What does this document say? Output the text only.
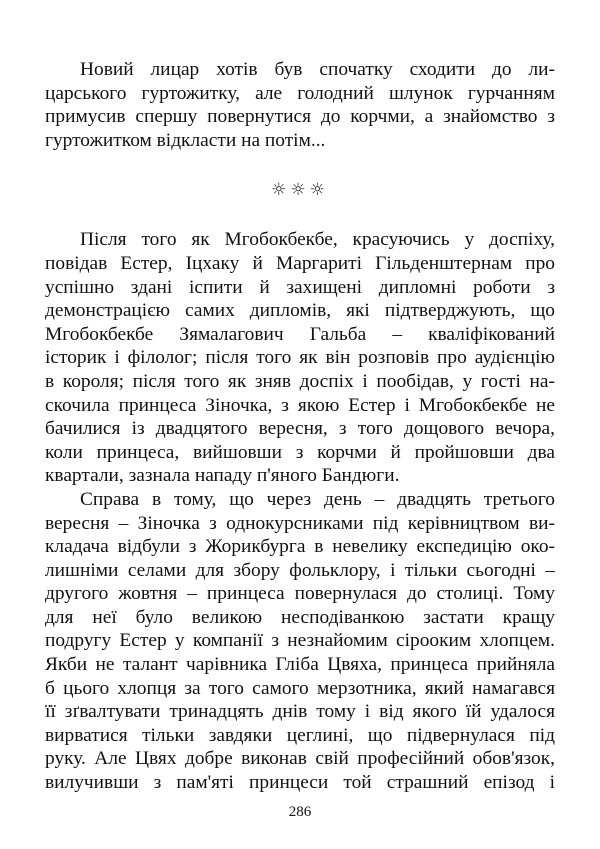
Новий лицар хотів був спочатку сходити до ли-
царського гуртожитку, але голодний шлунок гурчанням
примусив спершу повернутися до корчми, а знайомство з
гуртожитком відкласти на потім...

☼☼☼

Після того як Мгобокбекбе, красуючись у доспіху,
повідав Естер, Іцхаку й Маргариті Гільденштернам про
успішно здані іспити й захищені дипломні роботи з
демонстрацією самих дипломів, які підтверджують, що
Мгобокбекбе Зямалагович Гальба – кваліфікований
історик і філолог; після того як він розповів про аудієнцію
в короля; після того як зняв доспіх і пообідав, у гості на-
скочила принцеса Зіночка, з якою Естер і Мгобокбекбе не
бачилися із двадцятого вересня, з того дощового вечора,
коли принцеса, вийшовши з корчми й пройшовши два
квартали, зазнала нападу п'яного Бандюги.

Справа в тому, що через день – двадцять третього
вересня – Зіночка з однокурсниками під керівництвом ви-
кладача відбули з Жорикбурга в невелику експедицію око-
лишніми селами для збору фольклору, і тільки сьогодні –
другого жовтня – принцеса повернулася до столиці. Тому
для неї було великою несподіванкою застати кращу
подругу Естер у компанії з незнайомим сірооким хлопцем.
Якби не талант чарівника Гліба Цвяха, принцеса прийняла
б цього хлопця за того самого мерзотника, який намагався
її зґвалтувати тринадцять днів тому і від якого їй удалося
вирватися тільки завдяки цеглині, що підвернулася під
руку. Але Цвях добре виконав свій професійний обов'язок,
вилучивши з пам'яті принцеси той страшний епізод і

286
